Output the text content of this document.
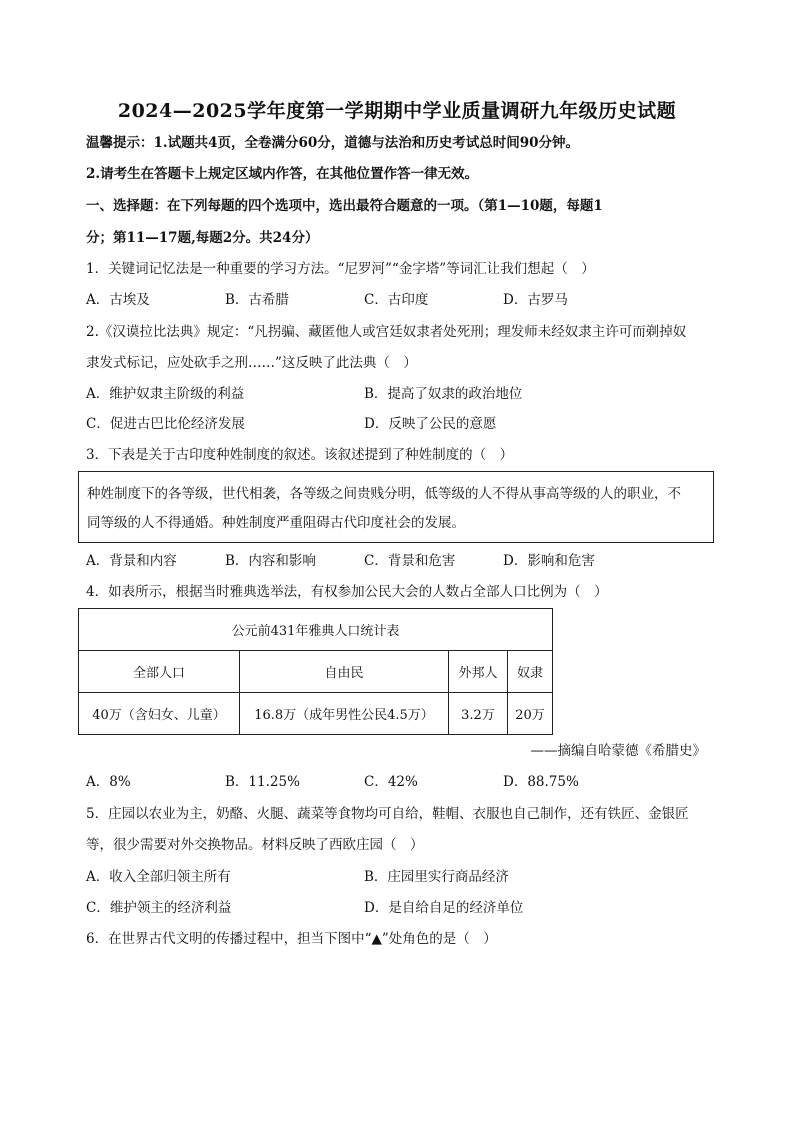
2024—2025学年度第一学期期中学业质量调研九年级历史试题
温馨提示：1.试题共4页，全卷满分60分，道德与法治和历史考试总时间90分钟。
2.请考生在答题卡上规定区域内作答，在其他位置作答一律无效。
一、选择题：在下列每题的四个选项中，选出最符合题意的一项。（第1—10题，每题1
分；第11—17题,每题2分。共24分）
1．关键词记忆法是一种重要的学习方法。“尼罗河”“金字塔”等词汇让我们想起（　）
A．古埃及	B．古希腊	C．古印度	D．古罗马
2.《汉谟拉比法典》规定：“凡拐骗、藏匿他人或宫廷奴隶者处死刑；理发师未经奴隶主许可而剃掉奴
隶发式标记，应处砍手之刑……”这反映了此法典（　）
A．维护奴隶主阶级的利益	B．提高了奴隶的政治地位
C．促进古巴比伦经济发展	D．反映了公民的意愿
3．下表是关于古印度种姓制度的叙述。该叙述提到了种姓制度的（　）
种姓制度下的各等级，世代相袭，各等级之间贵贱分明，低等级的人不得从事高等级的人的职业，不
同等级的人不得通婚。种姓制度严重阻碍古代印度社会的发展。
A．背景和内容	B．内容和影响	C．背景和危害	D．影响和危害
4．如表所示，根据当时雅典选举法，有权参加公民大会的人数占全部人口比例为（　）
公元前431年雅典人口统计表			
全部人口	自由民	外邦人	奴隶
40万（含妇女、儿童）	16.8万（成年男性公民4.5万）	3.2万	20万
——摘编自哈蒙德《希腊史》
A．8%	B．11.25%	C．42%	D．88.75%
5．庄园以农业为主，奶酪、火腿、蔬菜等食物均可自给，鞋帽、衣服也自己制作，还有铁匠、金银匠
等，很少需要对外交换物品。材料反映了西欧庄园（　）
A．收入全部归领主所有	B．庄园里实行商品经济
C．维护领主的经济利益	D．是自给自足的经济单位
6．在世界古代文明的传播过程中，担当下图中“▲”处角色的是（　）
